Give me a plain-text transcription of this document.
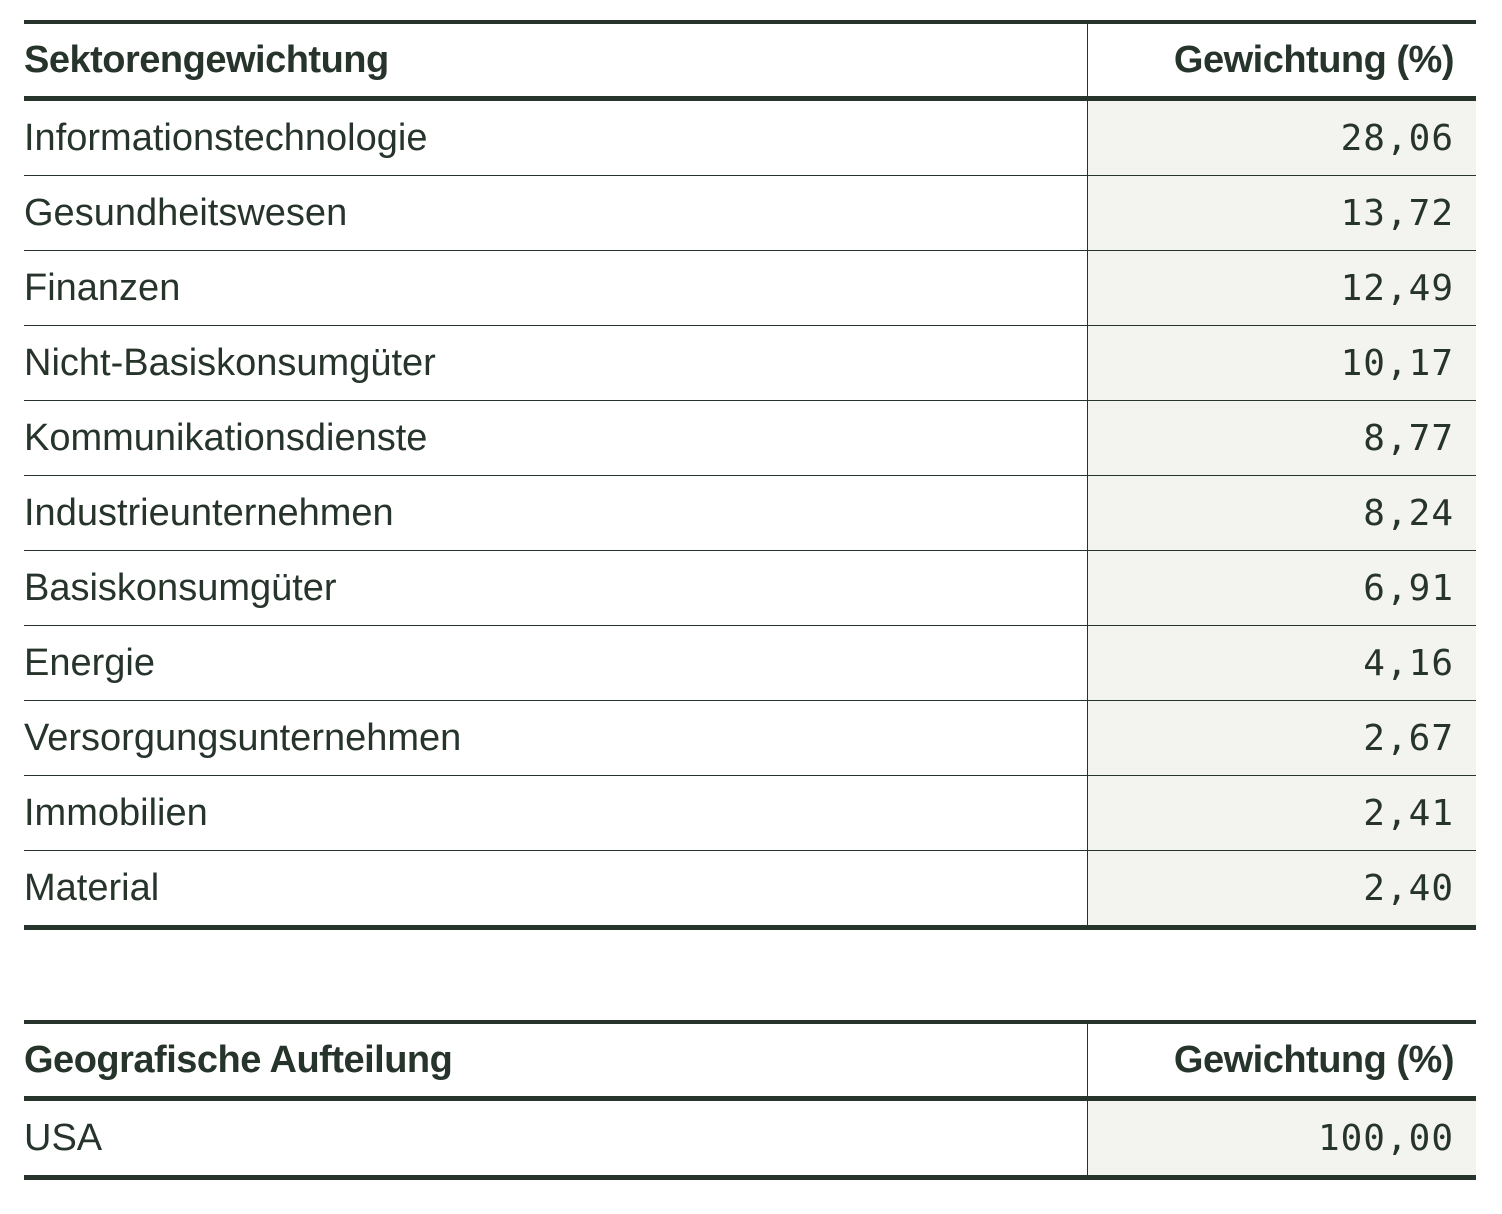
Sektorengewichtung	Gewichtung (%)
Informationstechnologie	28,06
Gesundheitswesen	13,72
Finanzen	12,49
Nicht-Basiskonsumgüter	10,17
Kommunikationsdienste	8,77
Industrieunternehmen	8,24
Basiskonsumgüter	6,91
Energie	4,16
Versorgungsunternehmen	2,67
Immobilien	2,41
Material	2,40
Geografische Aufteilung	Gewichtung (%)
USA	100,00
